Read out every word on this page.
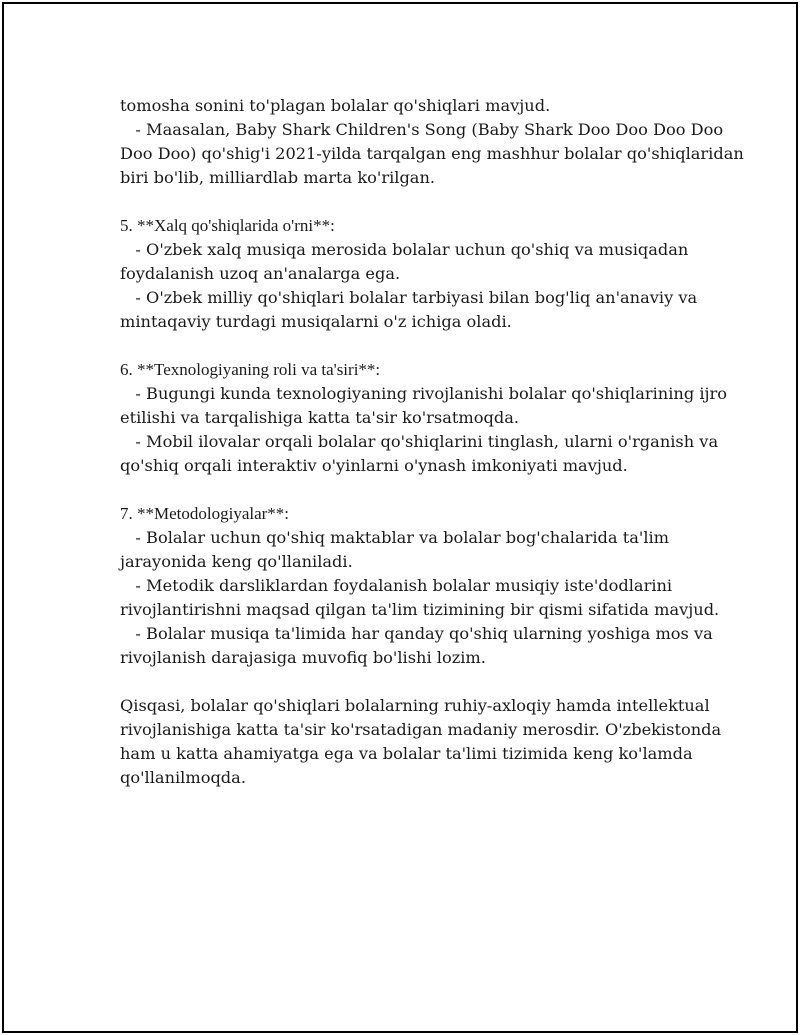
tomosha sonini to'plagan bolalar qo'shiqlari mavjud.
- Maasalan, Baby Shark Children's Song (Baby Shark Doo Doo Doo Doo
Doo Doo) qo'shig'i 2021-yilda tarqalgan eng mashhur bolalar qo'shiqlaridan
biri bo'lib, milliardlab marta ko'rilgan.
5. **Xalq qo'shiqlarida o'rni**:
- O'zbek xalq musiqa merosida bolalar uchun qo'shiq va musiqadan
foydalanish uzoq an'analarga ega.
- O'zbek milliy qo'shiqlari bolalar tarbiyasi bilan bog'liq an'anaviy va
mintaqaviy turdagi musiqalarni o'z ichiga oladi.
6. **Texnologiyaning roli va ta'siri**:
- Bugungi kunda texnologiyaning rivojlanishi bolalar qo'shiqlarining ijro
etilishi va tarqalishiga katta ta'sir ko'rsatmoqda.
- Mobil ilovalar orqali bolalar qo'shiqlarini tinglash, ularni o'rganish va
qo'shiq orqali interaktiv o'yinlarni o'ynash imkoniyati mavjud.
7. **Metodologiyalar**:
- Bolalar uchun qo'shiq maktablar va bolalar bog'chalarida ta'lim
jarayonida keng qo'llaniladi.
- Metodik darsliklardan foydalanish bolalar musiqiy iste'dodlarini
rivojlantirishni maqsad qilgan ta'lim tizimining bir qismi sifatida mavjud.
- Bolalar musiqa ta'limida har qanday qo'shiq ularning yoshiga mos va
rivojlanish darajasiga muvofiq bo'lishi lozim.
Qisqasi, bolalar qo'shiqlari bolalarning ruhiy-axloqiy hamda intellektual
rivojlanishiga katta ta'sir ko'rsatadigan madaniy merosdir. O'zbekistonda
ham u katta ahamiyatga ega va bolalar ta'limi tizimida keng ko'lamda
qo'llanilmoqda.
